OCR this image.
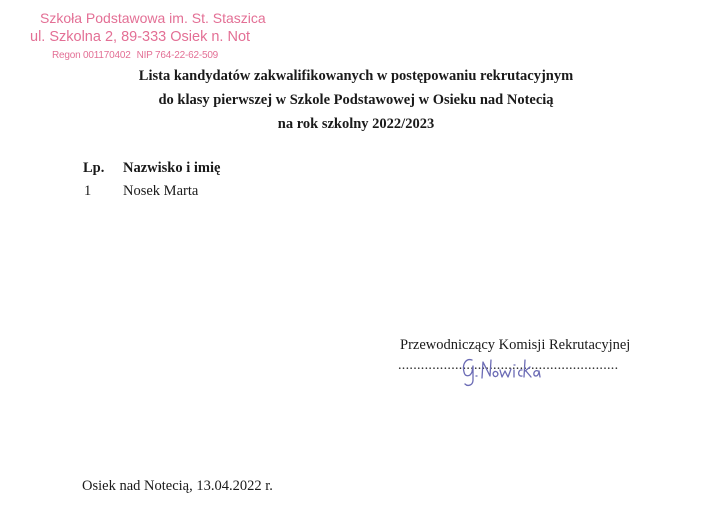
Szkoła Podstawowa im. St. Staszica
ul. Szkolna 2, 89-333 Osiek n. Not
Regon 001170402 NIP 764-22-62-509
Lista kandydatów zakwalifikowanych w postępowaniu rekrutacyjnym
do klasy pierwszej w Szkole Podstawowej w Osieku nad Notecią
na rok szkolny 2022/2023
Lp. Nazwisko i imię
1 Nosek Marta
Przewodniczący Komisji Rekrutacyjnej
..........................................................
Osiek nad Notecią, 13.04.2022 r.
